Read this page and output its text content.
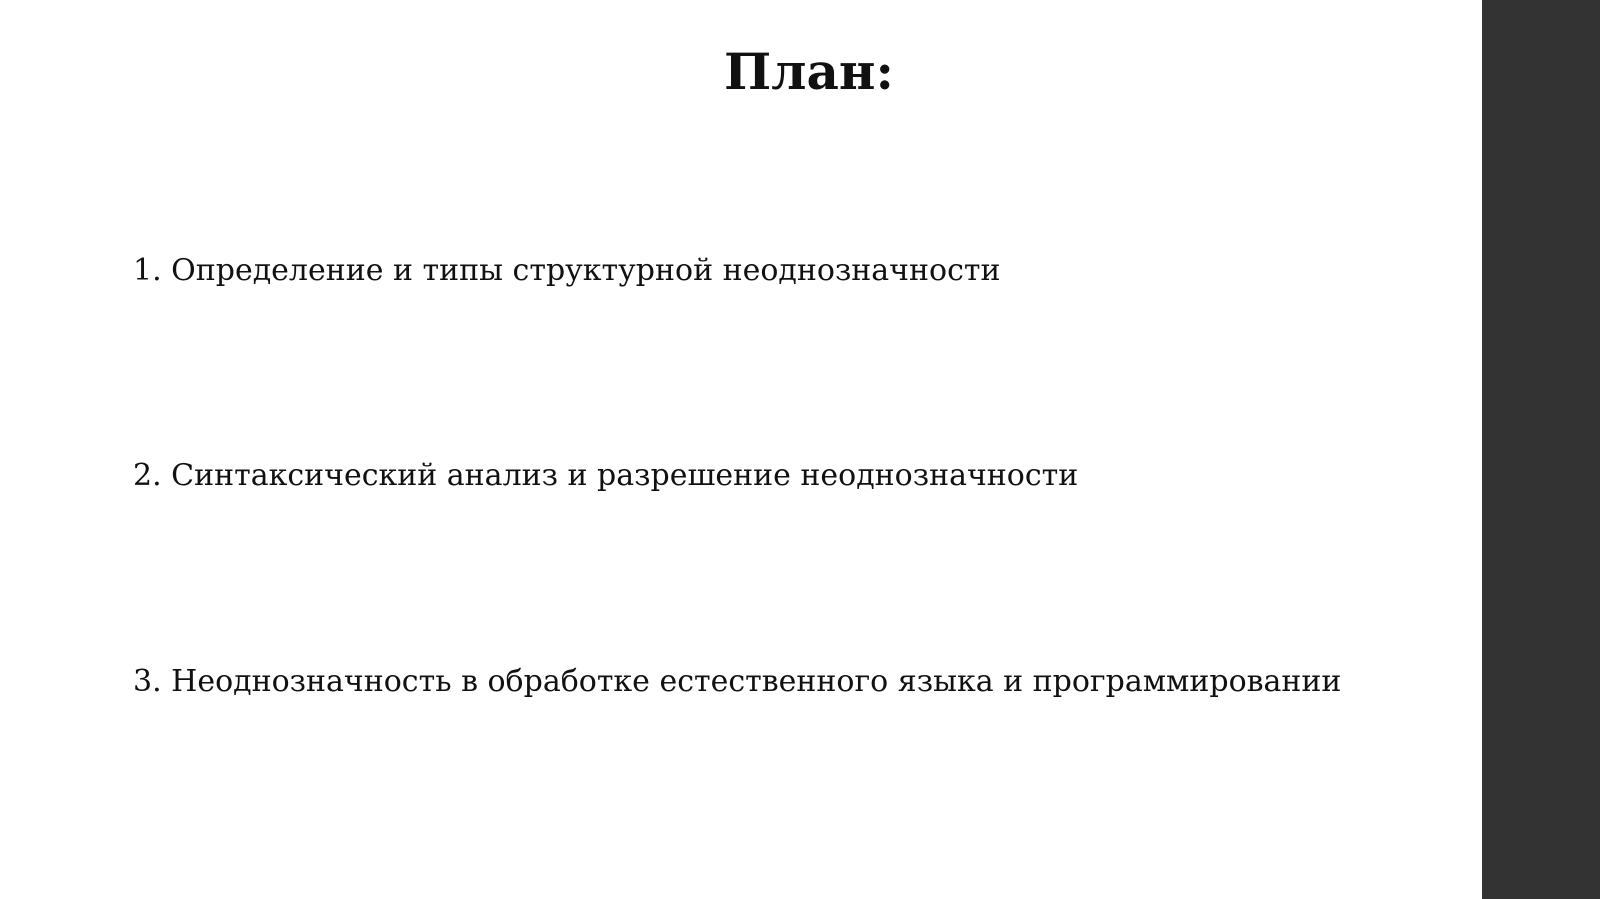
План:
1. Определение и типы структурной неоднозначности
2. Синтаксический анализ и разрешение неоднозначности
3. Неоднозначность в обработке естественного языка и программировании
